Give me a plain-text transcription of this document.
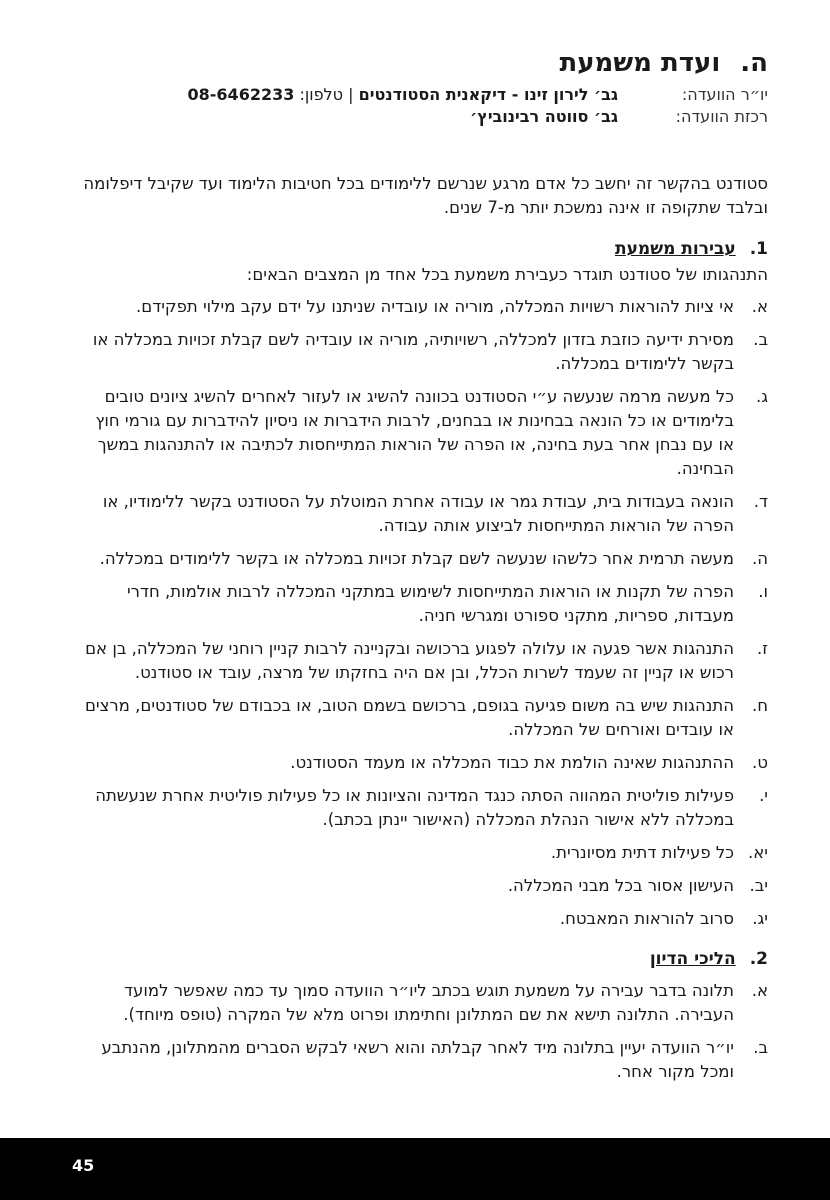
ה.
ועדת משמעת
יו״ר הוועדה:
גב׳ לירון זינו - דיקאנית הסטודנטים | טלפון: 08-6462233
רכזת הוועדה:
גב׳ סווטה רבינוביץ׳

סטודנט בהקשר זה יחשב כל אדם מרגע שנרשם ללימודים בכל חטיבות הלימוד ועד שקיבל דיפלומה ובלבד שתקופה זו אינה נמשכת יותר מ-7 שנים.

1.
עבירות משמעת

התנהגותו של סטודנט תוגדר כעבירת משמעת בכל אחד מן המצבים הבאים:

א.
אי ציות להוראות רשויות המכללה, מוריה או עובדיה שניתנו על ידם עקב מילוי תפקידם.
ב.
מסירת ידיעה כוזבת בזדון למכללה, רשויותיה, מוריה או עובדיה לשם קבלת זכויות במכללה או בקשר ללימודים במכללה.
ג.
כל מעשה מרמה שנעשה ע״י הסטודנט בכוונה להשיג או לעזור לאחרים להשיג ציונים טובים בלימודים או כל הונאה בבחינות או בבחנים, לרבות הידברות או ניסיון להידברות עם גורמי חוץ או עם נבחן אחר בעת בחינה, או הפרה של הוראות המתייחסות לכתיבה או להתנהגות במשך הבחינה.
ד.
הונאה בעבודות בית, עבודת גמר או עבודה אחרת המוטלת על הסטודנט בקשר ללימודיו, או הפרה של הוראות המתייחסות לביצוע אותה עבודה.
ה.
מעשה תרמית אחר כלשהו שנעשה לשם קבלת זכויות במכללה או בקשר ללימודים במכללה.
ו.
הפרה של תקנות או הוראות המתייחסות לשימוש במתקני המכללה לרבות אולמות, חדרי מעבדות, ספריות, מתקני ספורט ומגרשי חניה.
ז.
התנהגות אשר פגעה או עלולה לפגוע ברכושה ובקניינה לרבות קניין רוחני של המכללה, בן אם רכוש או קניין זה שעמד לשרות הכלל, ובן אם היה בחזקתו של מרצה, עובד או סטודנט.
ח.
התנהגות שיש בה משום פגיעה בגופם, ברכושם בשמם הטוב, או בכבודם של סטודנטים, מרצים או עובדים ואורחים של המכללה.
ט.
ההתנהגות שאינה הולמת את כבוד המכללה או מעמד הסטודנט.
י.
פעילות פוליטית המהווה הסתה כנגד המדינה והציונות או כל פעילות פוליטית אחרת שנעשתה במכללה ללא אישור הנהלת המכללה (האישור יינתן בכתב).
יא.
כל פעילות דתית מסיונרית.
יב.
העישון אסור בכל מבני המכללה.
יג.
סרוב להוראות המאבטח.
2.
הליכי הדיון
א.
תלונה בדבר עבירה על משמעת תוגש בכתב ליו״ר הוועדה סמוך עד כמה שאפשר למועד העבירה. התלונה תישא את שם המתלונן וחתימתו ופרוט מלא של המקרה (טופס מיוחד).
ב.
יו״ר הוועדה יעיין בתלונה מיד לאחר קבלתה והוא רשאי לבקש הסברים מהמתלונן, מהנתבע ומכל מקור אחר.
45
